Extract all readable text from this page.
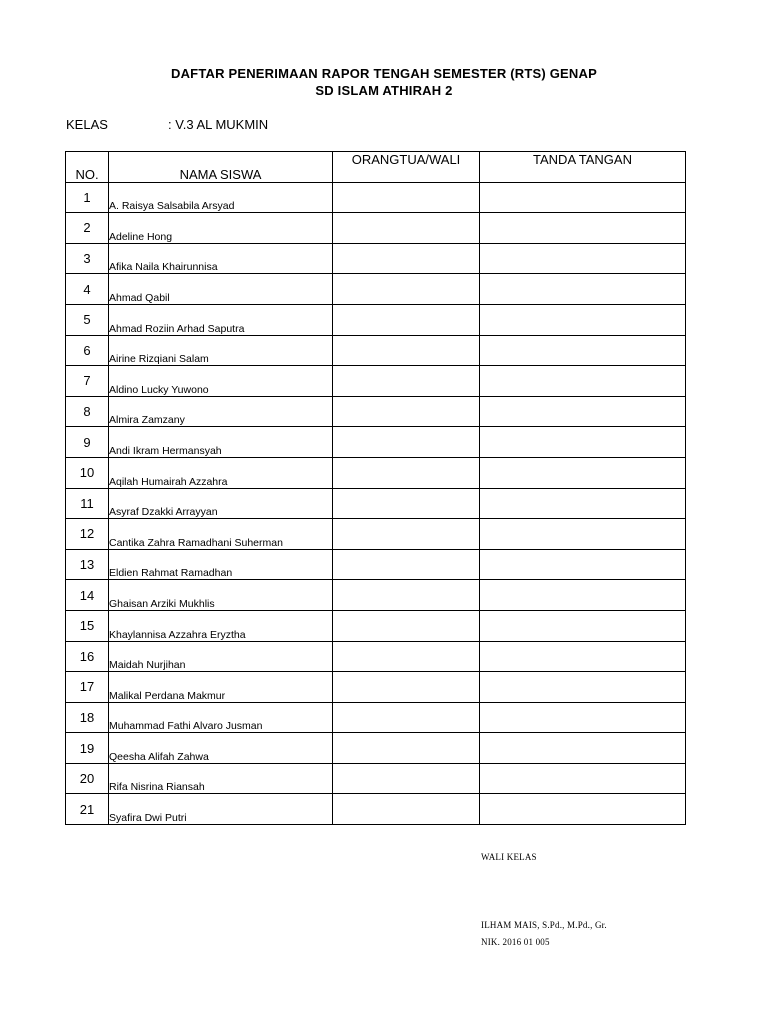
DAFTAR PENERIMAAN RAPOR TENGAH SEMESTER (RTS) GENAP
SD ISLAM ATHIRAH 2
KELAS	: V.3 AL MUKMIN
NO.	NAMA SISWA	ORANGTUA/WALI	TANDA TANGAN
1	A. Raisya Salsabila Arsyad		
2	Adeline Hong		
3	Afika Naila Khairunnisa		
4	Ahmad Qabil		
5	Ahmad Roziin Arhad Saputra		
6	Airine Rizqiani Salam		
7	Aldino Lucky Yuwono		
8	Almira Zamzany		
9	Andi Ikram Hermansyah		
10	Aqilah Humairah Azzahra		
11	Asyraf Dzakki Arrayyan		
12	Cantika Zahra Ramadhani Suherman		
13	Eldien Rahmat Ramadhan		
14	Ghaisan Arziki Mukhlis		
15	Khaylannisa Azzahra Eryztha		
16	Maidah Nurjihan		
17	Malikal Perdana Makmur		
18	Muhammad Fathi Alvaro Jusman		
19	Qeesha Alifah Zahwa		
20	Rifa Nisrina Riansah		
21	Syafira Dwi Putri		
WALI KELAS
ILHAM MAIS, S.Pd., M.Pd., Gr.
NIK. 2016 01 005
